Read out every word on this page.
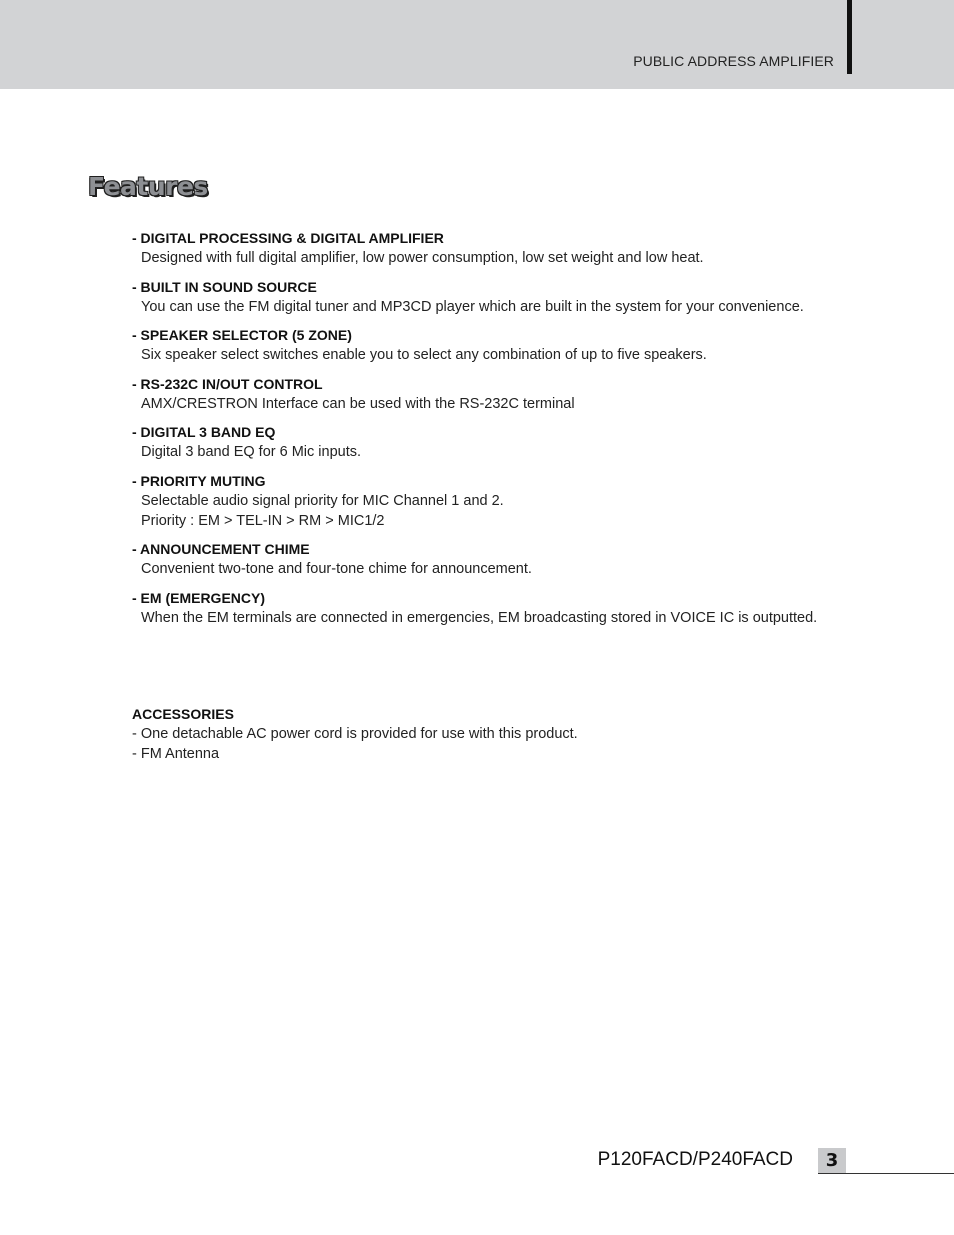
PUBLIC ADDRESS AMPLIFIER
Features
- DIGITAL PROCESSING & DIGITAL AMPLIFIER
Designed with full digital amplifier, low power consumption, low set weight and low heat.
- BUILT IN SOUND SOURCE
You can use the FM digital tuner and MP3CD player which are built in the system for your convenience.
- SPEAKER SELECTOR (5 ZONE)
Six speaker select switches enable you to select any combination of up to five speakers.
- RS-232C IN/OUT CONTROL
AMX/CRESTRON Interface can be used with the RS-232C terminal
- DIGITAL 3 BAND EQ
Digital 3 band EQ for 6 Mic inputs.
- PRIORITY MUTING
Selectable audio signal priority for MIC Channel 1 and 2.
Priority : EM > TEL-IN > RM > MIC1/2
- ANNOUNCEMENT CHIME
Convenient two-tone and four-tone chime for announcement.
- EM (EMERGENCY)
When the EM terminals are connected in emergencies, EM broadcasting stored in VOICE IC is outputted.
ACCESSORIES
- One detachable AC power cord is provided for use with this product.
- FM Antenna
P120FACD/P240FACD	3
